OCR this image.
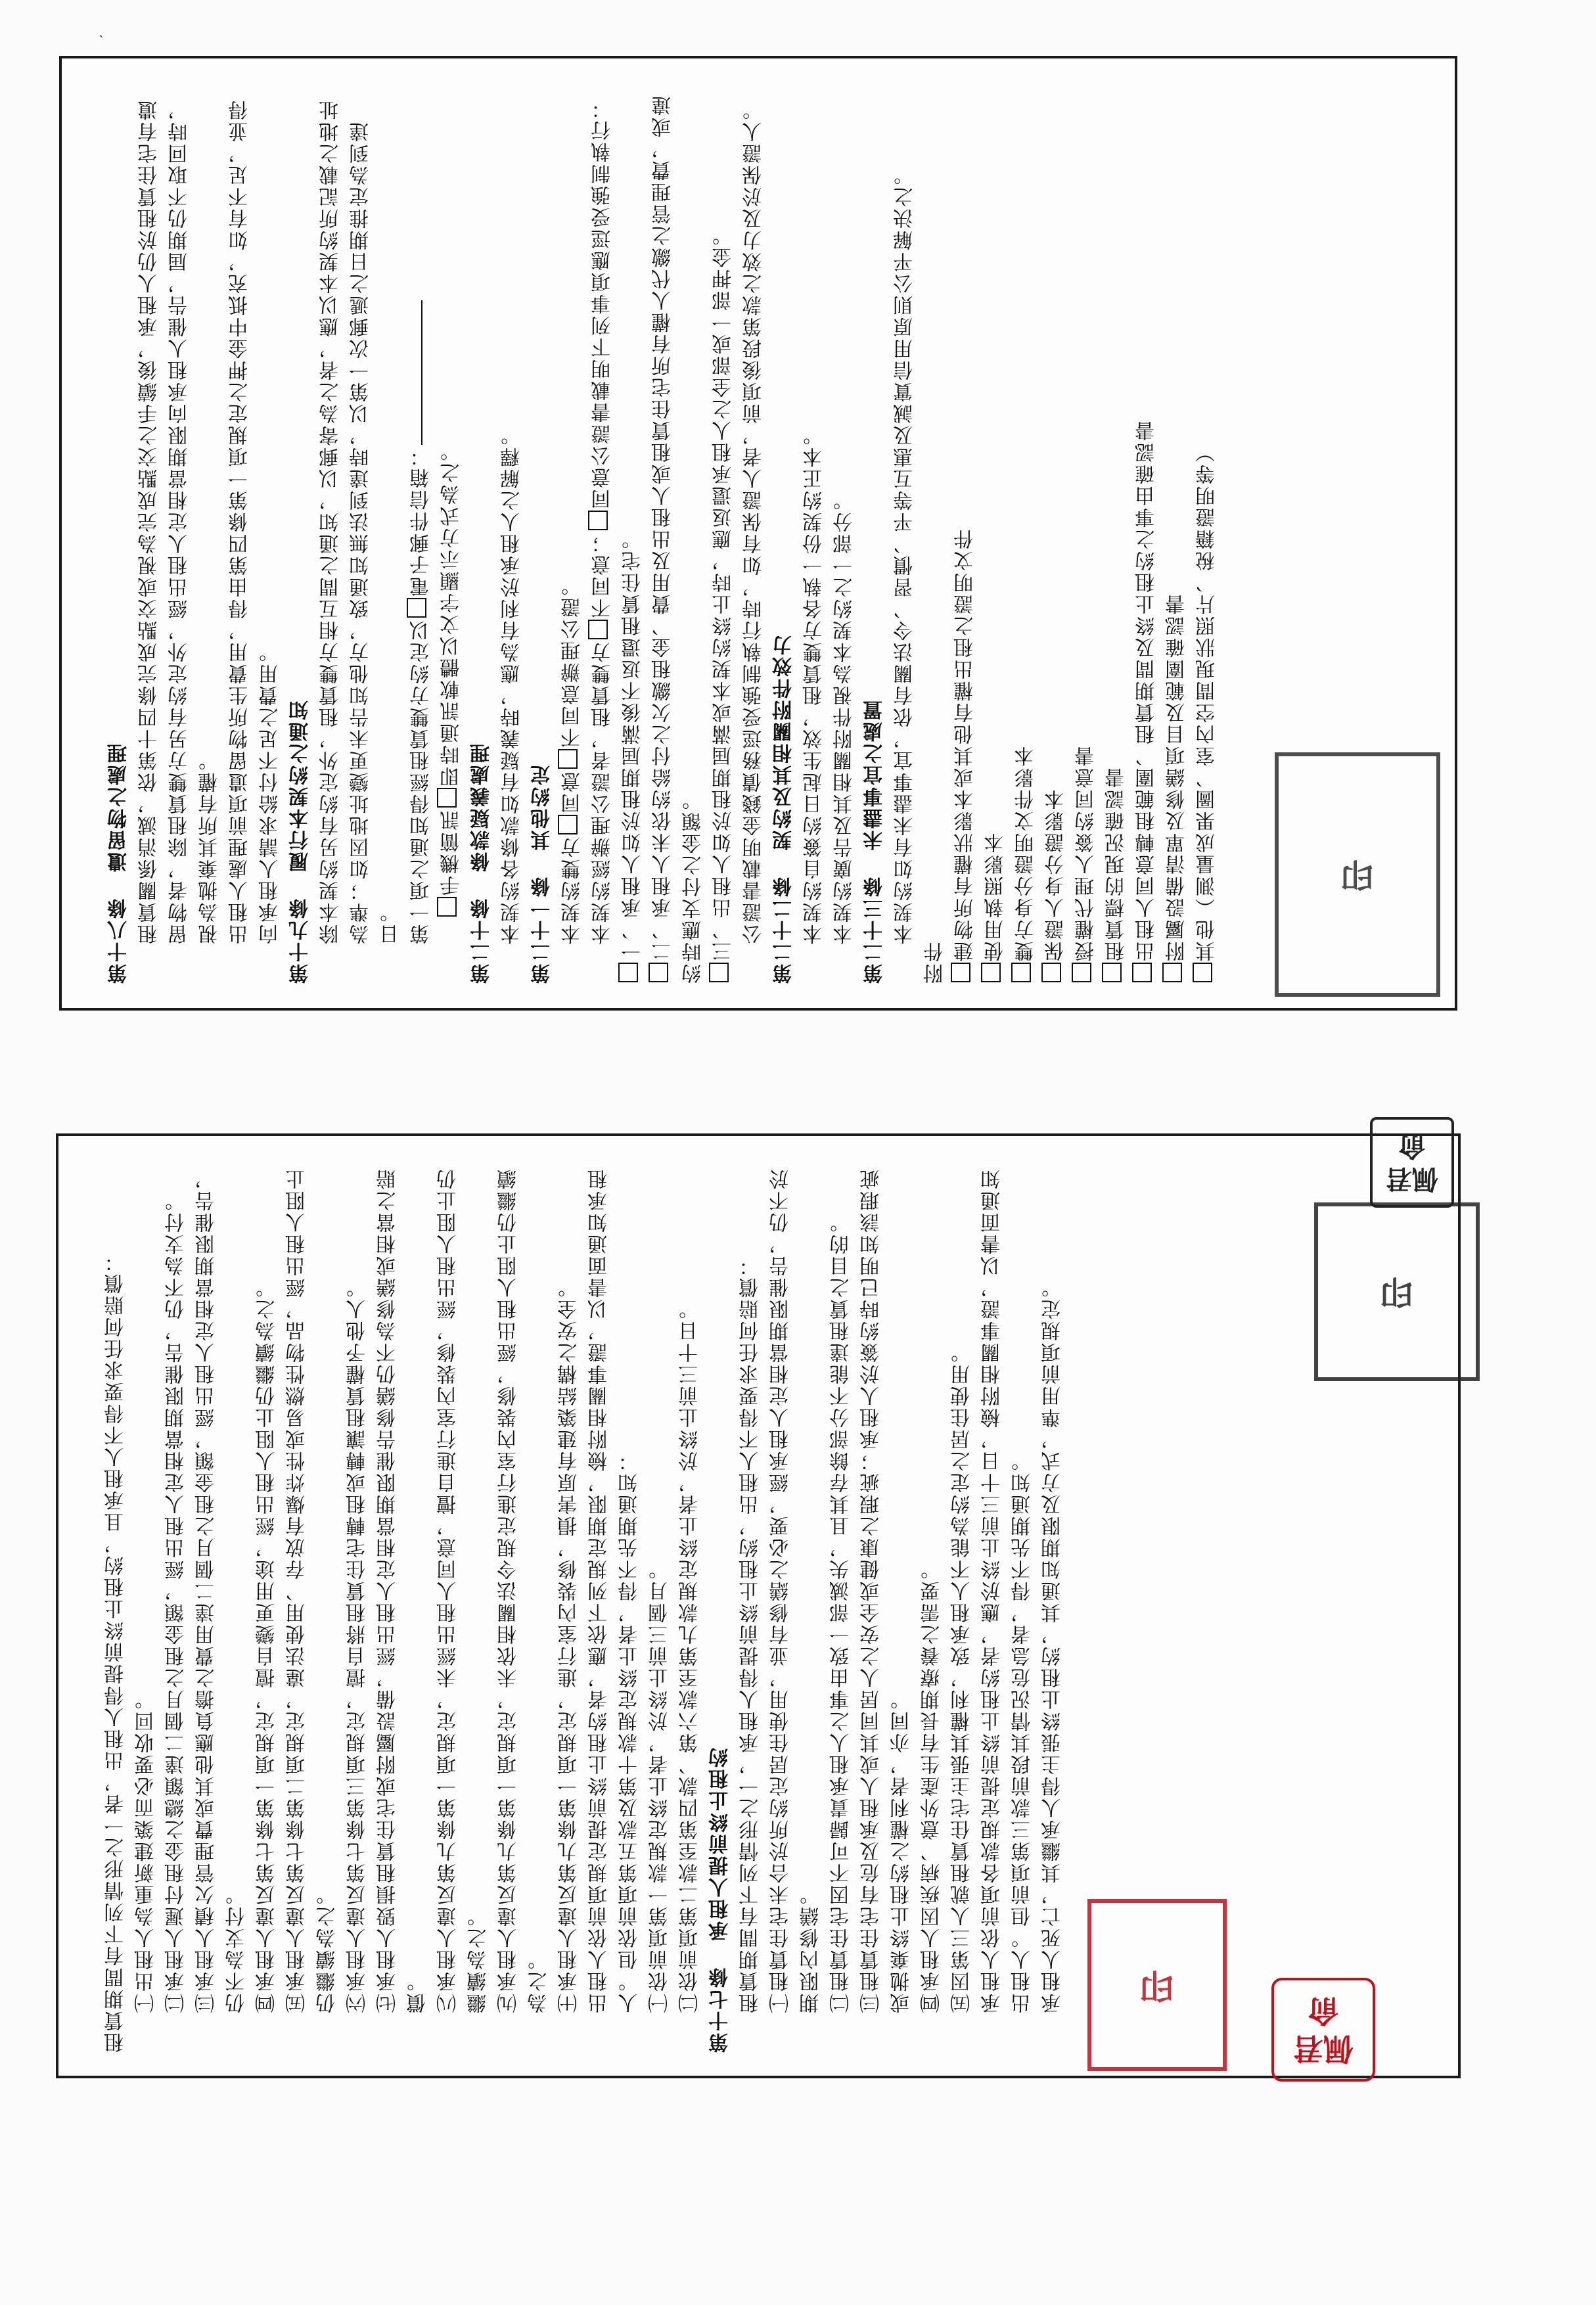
ˎ

第十八條 遺留物之處理 租賃關係消滅，依第十四條完成點交或視為完成點交之手續後，承租人仍於租賃住宅有遺留物者，除租賃雙方另有約定外，經出租人定相當期限向承租人催告，屆期仍不取回時，視為拋棄其所有權。 出租人處理前項遺留物所生費用，得由第四條第一項規定之押金中抵充，如有不足，並得向承租人請求給付不足之費用。 第十九條 履行本契約之通知 除本契約另有約定外，租賃雙方相互間之通知，以郵寄為之者，應以本契約所記載之地址為準；如因地址變更未告知他方，致通知無法到達時，以第一次郵遞之日期推定為到達日。 第一項之通知得經租賃雙方約定以電子郵件信箱：

手機簡訊即時通訊軟體以文字顯示方式為之。

第二十條 條款疑義處理 本契約各條款如有疑義時，應為有利於承租人之解釋。 第二十一條 其他約定 本契約雙方同意不同意辦理公證。

本契約經辦理公證者，租賃雙方不同意；同意公證書載明下列事項應逕受強制執行：

一、承租人如於租期屆滿後不返還租賃住宅。 二、承租人未依約給付之欠繳租金、費用及出租人或租賃住宅所有權人代繳之管理費，或違約時應支付之金額。 三、出租人如於租期屆滿或本契約終止時，應返還承租人之全部或一部押金。 公證書載明金錢債務逕受強制執行時，如有保證人者，前項後段第款之效力及於保證人。 第二十二條 契約及其相關附件效力 本契約自簽約日起生效，租賃雙方各執一份契約正本。 本契約廣告及其相關附件視為本契約之一部分。 第二十三條 未盡事宜之處置 本契約如有未盡事宜，依有關法令、習慣、平等互惠及誠實信用原則公平解決之。

附件

建物所有權狀影本或其他有權出租之證明文件 使用執照影本 雙方身分證明文件影本 保證人身分證影本 授權代理人簽約同意書 租賃標的現況確認書 出租人同意轉租範圍、租賃期間及終止租約之事由確認書 附屬設備清單及修繕項目及範圍確認書 其他（測量成果圖、室內空間現狀照片、稅籍證明等）

租賃期間有下列情形之一者，出租人得提前終止租約，且承租人不得要求任何賠償： ㈠出租人為重新建築而必要收回。 ㈡承租人遲付租金之總額達二個月之租金額，經出租人定相當期限催告，仍不為支付。 ㈢承租人積欠管理費或其他應負擔之費用達二個月之租金額，經出租人定相當期限催告，仍不為支付。 ㈣承租人違反第七條第一項規定，擅自變更用途，經出租人阻止仍繼續為之。 ㈤承租人違反第七條第二項規定，違法使用、存放有爆炸性或易燃性物品，經出租人阻止仍繼續為之。 ㈥承租人違反第七條第三項規定，擅自將租賃住宅轉租或轉讓租賃權予他人。 ㈦承租人毀損租賃住宅或附屬設備，經出租人定相當期限催告修繕仍不為修繕或相當之賠償。 ㈧承租人違反第九條第一項規定，未經出租人同意，擅自進行室內裝修，經出租人阻止仍繼續為之。 ㈨承租人違反第九條第一項規定，未依相關法令規定進行室內裝修，經出租人阻止仍繼續為之。 ㈩承租人違反第九條第一項規定，進行室內裝修，損害原有建築結構之安全。 出租人依前項規定提前終止租約者，應依下列規定期限，檢附相關事證，以書面通知承租人。但依前項第五款及第十款規定終止者，得不先期通知： ㈠依前項第一款規定終止者，於終止前三個月。 ㈡依前項第二款至第四款、第六款至第九款規定終止者，於終止前三十日。 第十七條 承租人提前終止租約 租賃期間有下列情形之一，承租人得提前終止租約，出租人不得要求任何賠償： ㈠租賃住宅未合於所約定居住使用，並有修繕之必要，經承租人定相當期限催告，仍不於期限內修繕。 ㈡租賃住宅因不可歸責承租人之事由致一部滅失，且其存餘部分不能達租賃之目的。 ㈢租賃住宅有危及承租人或其同居人之安全或健康之瑕疵；承租人於簽約時已明知該瑕疵或拋棄終止租約之權利者，亦同。 ㈣承租人因疾病、意外產生有長期療養之需要。 ㈤因第三人就租賃住宅主張其權利，致承租人不能為約定之居住使用。 承租人依前項各款規定提前終止租約者，應於終止前三十日，檢附相關事證，以書面通知出租人。但前項第三款前段其情況危急者，得不先期通知。 承租人死亡，其繼承人得主張終止租約，其通知期限及方式，準用前項規定。	印
佩君 俞
印
印
佩君 俞
